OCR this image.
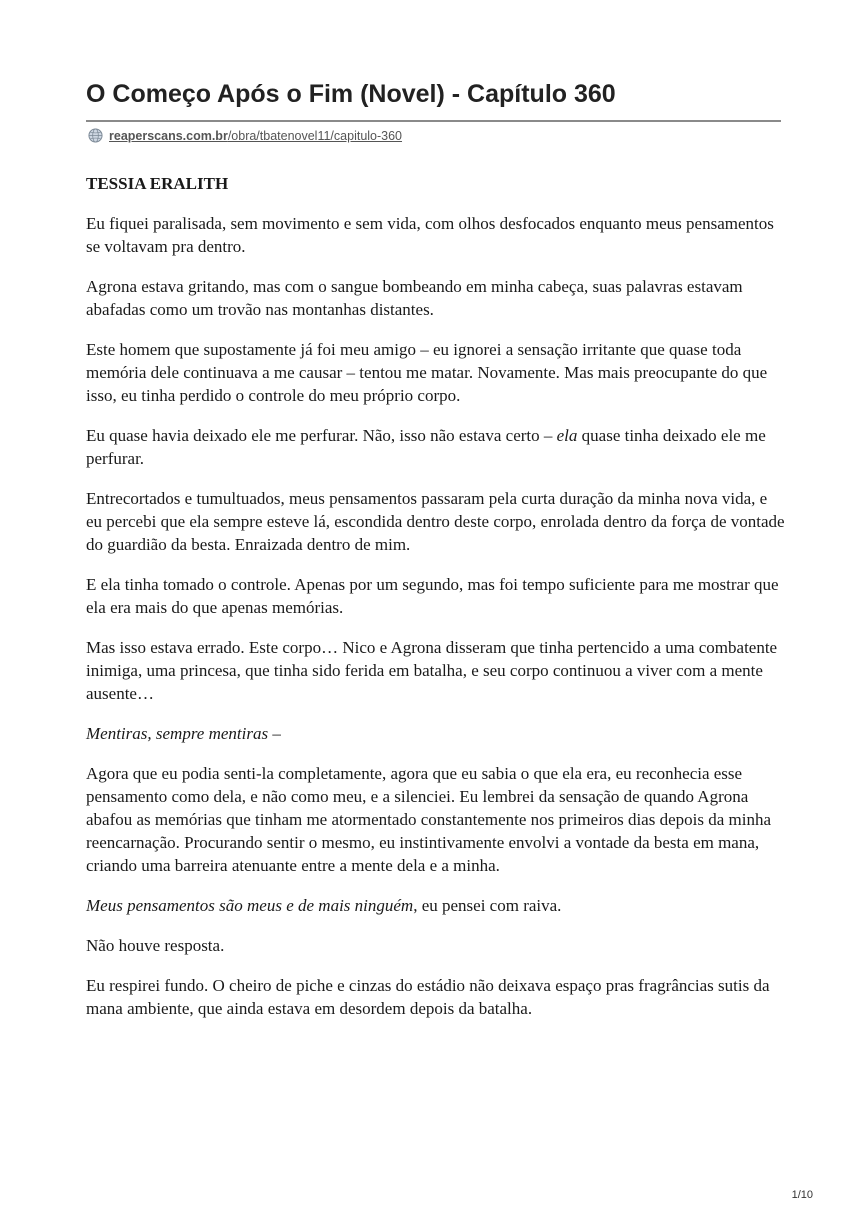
O Começo Após o Fim (Novel) - Capítulo 360
reaperscans.com.br/obra/tbatenovel11/capitulo-360

TESSIA ERALITH

Eu fiquei paralisada, sem movimento e sem vida, com olhos desfocados enquanto meus pensamentos se voltavam pra dentro.

Agrona estava gritando, mas com o sangue bombeando em minha cabeça, suas palavras estavam abafadas como um trovão nas montanhas distantes.

Este homem que supostamente já foi meu amigo – eu ignorei a sensação irritante que quase toda memória dele continuava a me causar – tentou me matar. Novamente. Mas mais preocupante do que isso, eu tinha perdido o controle do meu próprio corpo.

Eu quase havia deixado ele me perfurar. Não, isso não estava certo – ela quase tinha deixado ele me perfurar.

Entrecortados e tumultuados, meus pensamentos passaram pela curta duração da minha nova vida, e eu percebi que ela sempre esteve lá, escondida dentro deste corpo, enrolada dentro da força de vontade do guardião da besta. Enraizada dentro de mim.

E ela tinha tomado o controle. Apenas por um segundo, mas foi tempo suficiente para me mostrar que ela era mais do que apenas memórias.

Mas isso estava errado. Este corpo… Nico e Agrona disseram que tinha pertencido a uma combatente inimiga, uma princesa, que tinha sido ferida em batalha, e seu corpo continuou a viver com a mente ausente…

Mentiras, sempre mentiras –

Agora que eu podia senti-la completamente, agora que eu sabia o que ela era, eu reconhecia esse pensamento como dela, e não como meu, e a silenciei. Eu lembrei da sensação de quando Agrona abafou as memórias que tinham me atormentado constantemente nos primeiros dias depois da minha reencarnação. Procurando sentir o mesmo, eu instintivamente envolvi a vontade da besta em mana, criando uma barreira atenuante entre a mente dela e a minha.

Meus pensamentos são meus e de mais ninguém, eu pensei com raiva.

Não houve resposta.

Eu respirei fundo. O cheiro de piche e cinzas do estádio não deixava espaço pras fragrâncias sutis da mana ambiente, que ainda estava em desordem depois da batalha.

1/10
